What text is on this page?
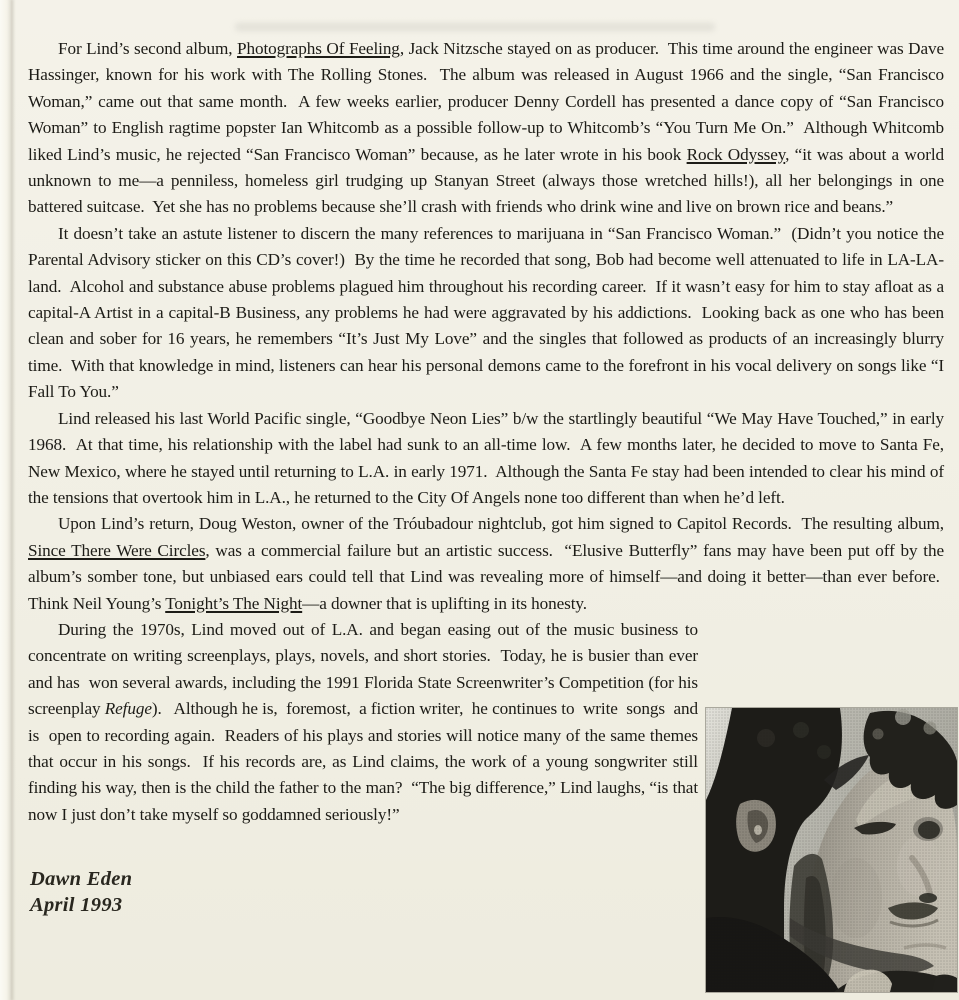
For Lind’s second album, Photographs Of Feeling, Jack Nitzsche stayed on as producer.  This time around the engineer was Dave Hassinger, known for his work with The Rolling Stones.  The album was released in August 1966 and the single, “San Francisco Woman,” came out that same month.  A few weeks earlier, producer Denny Cordell has presented a dance copy of “San Francisco Woman” to English ragtime popster Ian Whitcomb as a possible follow-up to Whitcomb’s “You Turn Me On.”  Although Whitcomb liked Lind’s music, he rejected “San Francisco Woman” because, as he later wrote in his book Rock Odyssey, “it was about a world unknown to me—a penniless, homeless girl trudging up Stanyan Street (always those wretched hills!), all her belongings in one battered suitcase.  Yet she has no problems because she’ll crash with friends who drink wine and live on brown rice and beans.”

It doesn’t take an astute listener to discern the many references to marijuana in “San Francisco Woman.”  (Didn’t you notice the Parental Advisory sticker on this CD’s cover!)  By the time he recorded that song, Bob had become well attenuated to life in LA-LA-land.  Alcohol and substance abuse problems plagued him throughout his recording career.  If it wasn’t easy for him to stay afloat as a capital-A Artist in a capital-B Business, any problems he had were aggravated by his addictions.  Looking back as one who has been clean and sober for 16 years, he remembers “It’s Just My Love” and the singles that followed as products of an increasingly blurry time.  With that knowledge in mind, listeners can hear his personal demons came to the forefront in his vocal delivery on songs like “I Fall To You.”

Lind released his last World Pacific single, “Goodbye Neon Lies” b/w the startlingly beautiful “We May Have Touched,” in early 1968.  At that time, his relationship with the label had sunk to an all-time low.  A few months later, he decided to move to Santa Fe, New Mexico, where he stayed until returning to L.A. in early 1971.  Although the Santa Fe stay had been intended to clear his mind of the tensions that overtook him in L.A., he returned to the City Of Angels none too different than when he’d left.

Upon Lind’s return, Doug Weston, owner of the Tróubadour nightclub, got him signed to Capitol Records.  The resulting album, Since There Were Circles, was a commercial failure but an artistic success.  “Elusive Butterfly” fans may have been put off by the album’s somber tone, but unbiased ears could tell that Lind was revealing more of himself—and doing it better—than ever before.  Think Neil Young’s Tonight’s The Night—a downer that is uplifting in its honesty.

During the 1970s, Lind moved out of L.A. and began easing out of the music business to concentrate on writing screenplays, plays, novels, and short stories.  Today, he is busier than ever and has  won several awards, including the 1991 Florida State Screenwriter’s Competition (for his screenplay Refuge).   Although he is,  foremost,  a fiction writer,  he continues to  write  songs  and is  open to recording again.  Readers of his plays and stories will notice many of the same themes that occur in his songs.  If his records are, as Lind claims, the work of a young songwriter still finding his way, then is the child the father to the man?  “The big difference,” Lind laughs, “is that now I just don’t take myself so goddamned seriously!”

Dawn Eden
April 1993
